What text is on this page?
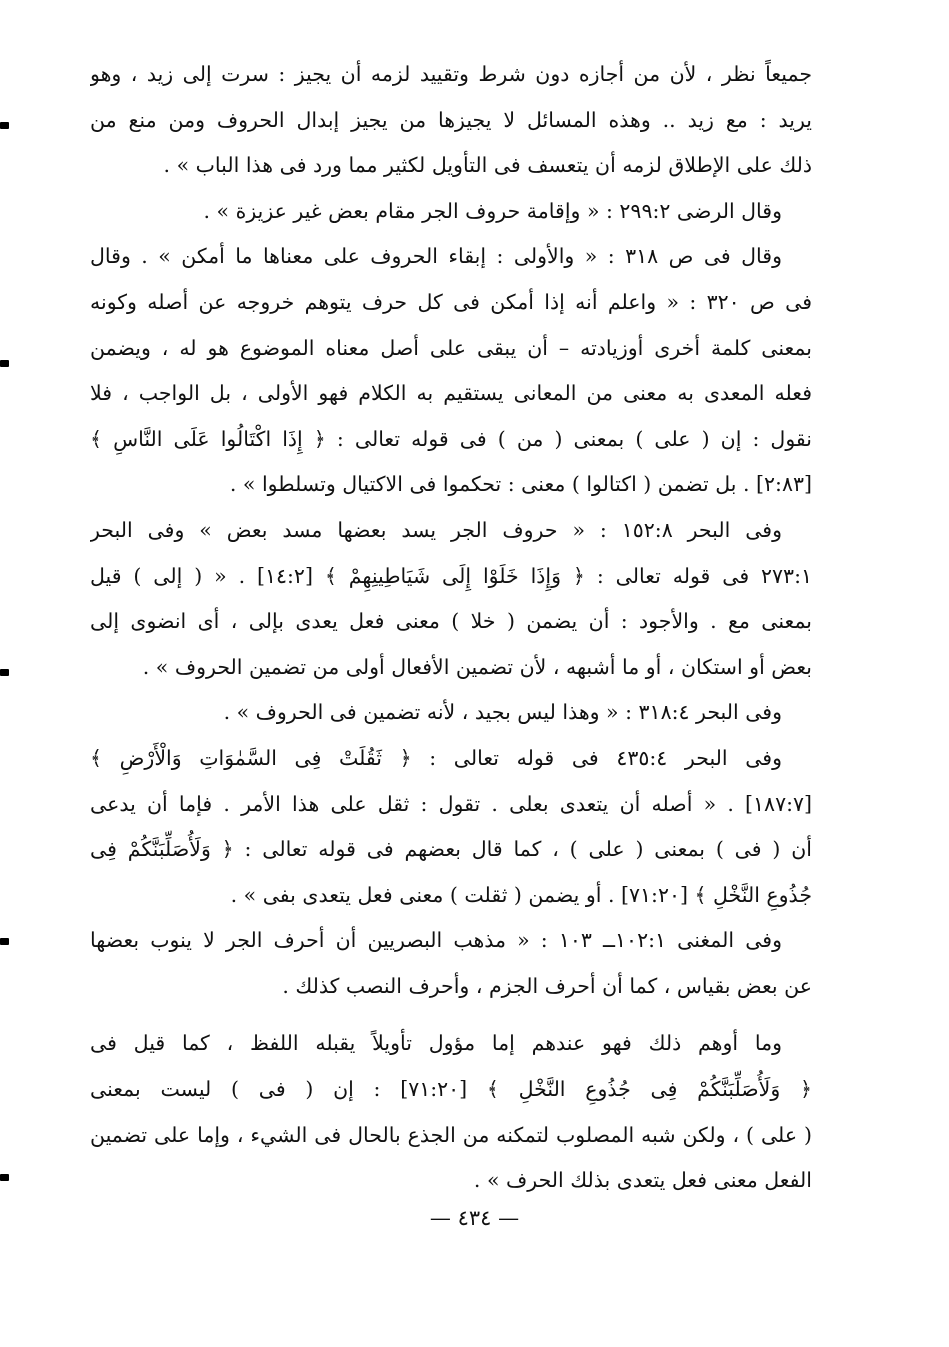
جميعاً نظر ، لأن من أجازه دون شرط وتقييد لزمه أن يجيز : سرت إلى زيد ، وهو
يريد : مع زيد .. وهذه المسائل لا يجيزها من يجيز إبدال الحروف ومن منع من
ذلك على الإطلاق لزمه أن يتعسف فى التأويل لكثير مما ورد فى هذا الباب » .
وقال الرضى ٢٩٩:٢ : « وإقامة حروف الجر مقام بعض غير عزيزة » .
وقال فى ص ٣١٨ : « والأولى : إبقاء الحروف على معناها ما أمكن » . وقال
فى ص ٣٢٠ : « واعلم أنه إذا أمكن فى كل حرف يتوهم خروجه عن أصله وكونه
بمعنى كلمة أخرى أوزيادته – أن يبقى على أصل معناه الموضوع هو له ، ويضمن
فعله المعدى به معنى من المعانى يستقيم به الكلام فهو الأولى ، بل الواجب ، فلا
نقول : إن ( على ) بمعنى ( من ) فى قوله تعالى : ﴿ إِذَا اكْتَالُوا عَلَى النَّاسِ ﴾
[٢:٨٣] . بل تضمن ( اكتالوا ) معنى : تحكموا فى الاكتيال وتسلطوا » .
وفى البحر ١٥٢:٨ : « حروف الجر يسد بعضها مسد بعض » وفى البحر
٢٧٣:١ فى قوله تعالى : ﴿ وَإِذَا خَلَوْا إِلَى شَيَاطِينِهِمْ ﴾ [١٤:٢] . « ( إلى ) قيل
بمعنى مع . والأجود : أن يضمن ( خلا ) معنى فعل يعدى بإلى ، أى انضوى إلى
بعض أو استكان ، أو ما أشبهه ، لأن تضمين الأفعال أولى من تضمين الحروف » .
وفى البحر ٣١٨:٤ : « وهذا ليس بجيد ، لأنه تضمين فى الحروف » .
وفى البحر ٤٣٥:٤ فى قوله تعالى : ﴿ ثَقُلَتْ فِى السَّمٰوَاتِ وَالْأَرْضِ ﴾
[١٨٧:٧] . « أصله أن يتعدى بعلى . تقول : ثقل على هذا الأمر . فإما أن يدعى
أن ( فى ) بمعنى ( على ) ، كما قال بعضهم فى قوله تعالى : ﴿ وَلَأُصَلِّبَنَّكُمْ فِى
جُذُوعِ النَّخْلِ ﴾ [٧١:٢٠] . أو يضمن ( ثقلت ) معنى فعل يتعدى بفى » .
وفى المغنى ١٠٢:١ــ ١٠٣ : « مذهب البصريين أن أحرف الجر لا ينوب بعضها
عن بعض بقياس ، كما أن أحرف الجزم ، وأحرف النصب كذلك .
وما أوهم ذلك فهو عندهم إما مؤول تأويلاً يقبله اللفظ ، كما قيل فى
﴿ وَلَأُصَلِّبَنَّكُمْ فِى جُذُوعِ النَّخْلِ ﴾ [٧١:٢٠] : إن ( فى ) ليست بمعنى
( على ) ، ولكن شبه المصلوب لتمكنه من الجذع بالحال فى الشيء ، وإما على تضمين
الفعل معنى فعل يتعدى بذلك الحرف » .
— ٤٣٤ —
